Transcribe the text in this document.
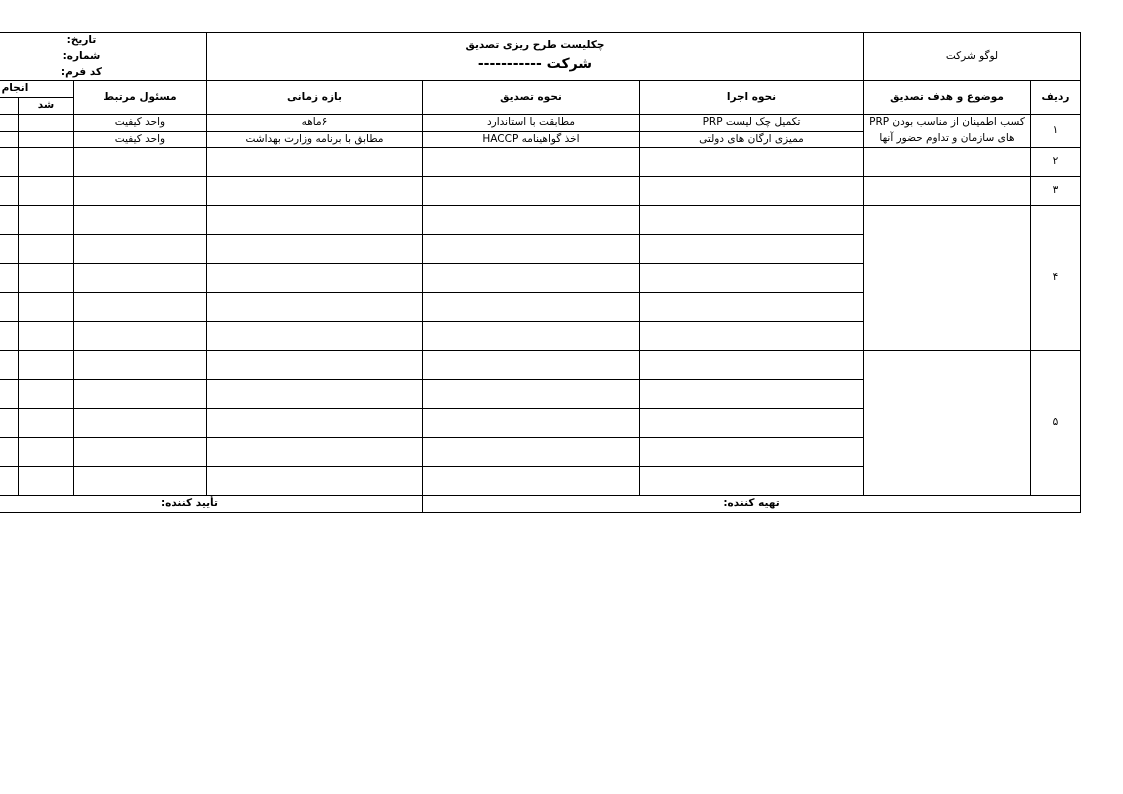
لوگو شرکت		چکلیست طرح ریزی تصدیق
شرکت -----------			تاریخ:
شماره:
کد فرم:		

ردیف	موضوع و هدف تصدیق	نحوه اجرا	نحوه تصدیق	بازه زمانی	مسئول مرتبط	انجام	
						شد	
۱	کسب اطمینان از مناسب بودن PRP های سازمان و تداوم حضور آنها	تکمیل چک لیست PRP	مطابقت با استاندارد	۶ماهه	واحد کیفیت		
		ممیزی ارگان های دولتی	اخذ گواهینامه HACCP	مطابق با برنامه وزارت بهداشت	واحد کیفیت		
۲							
۳							
۴							

۵							

تهیه کننده:				تأیید کننده:			
